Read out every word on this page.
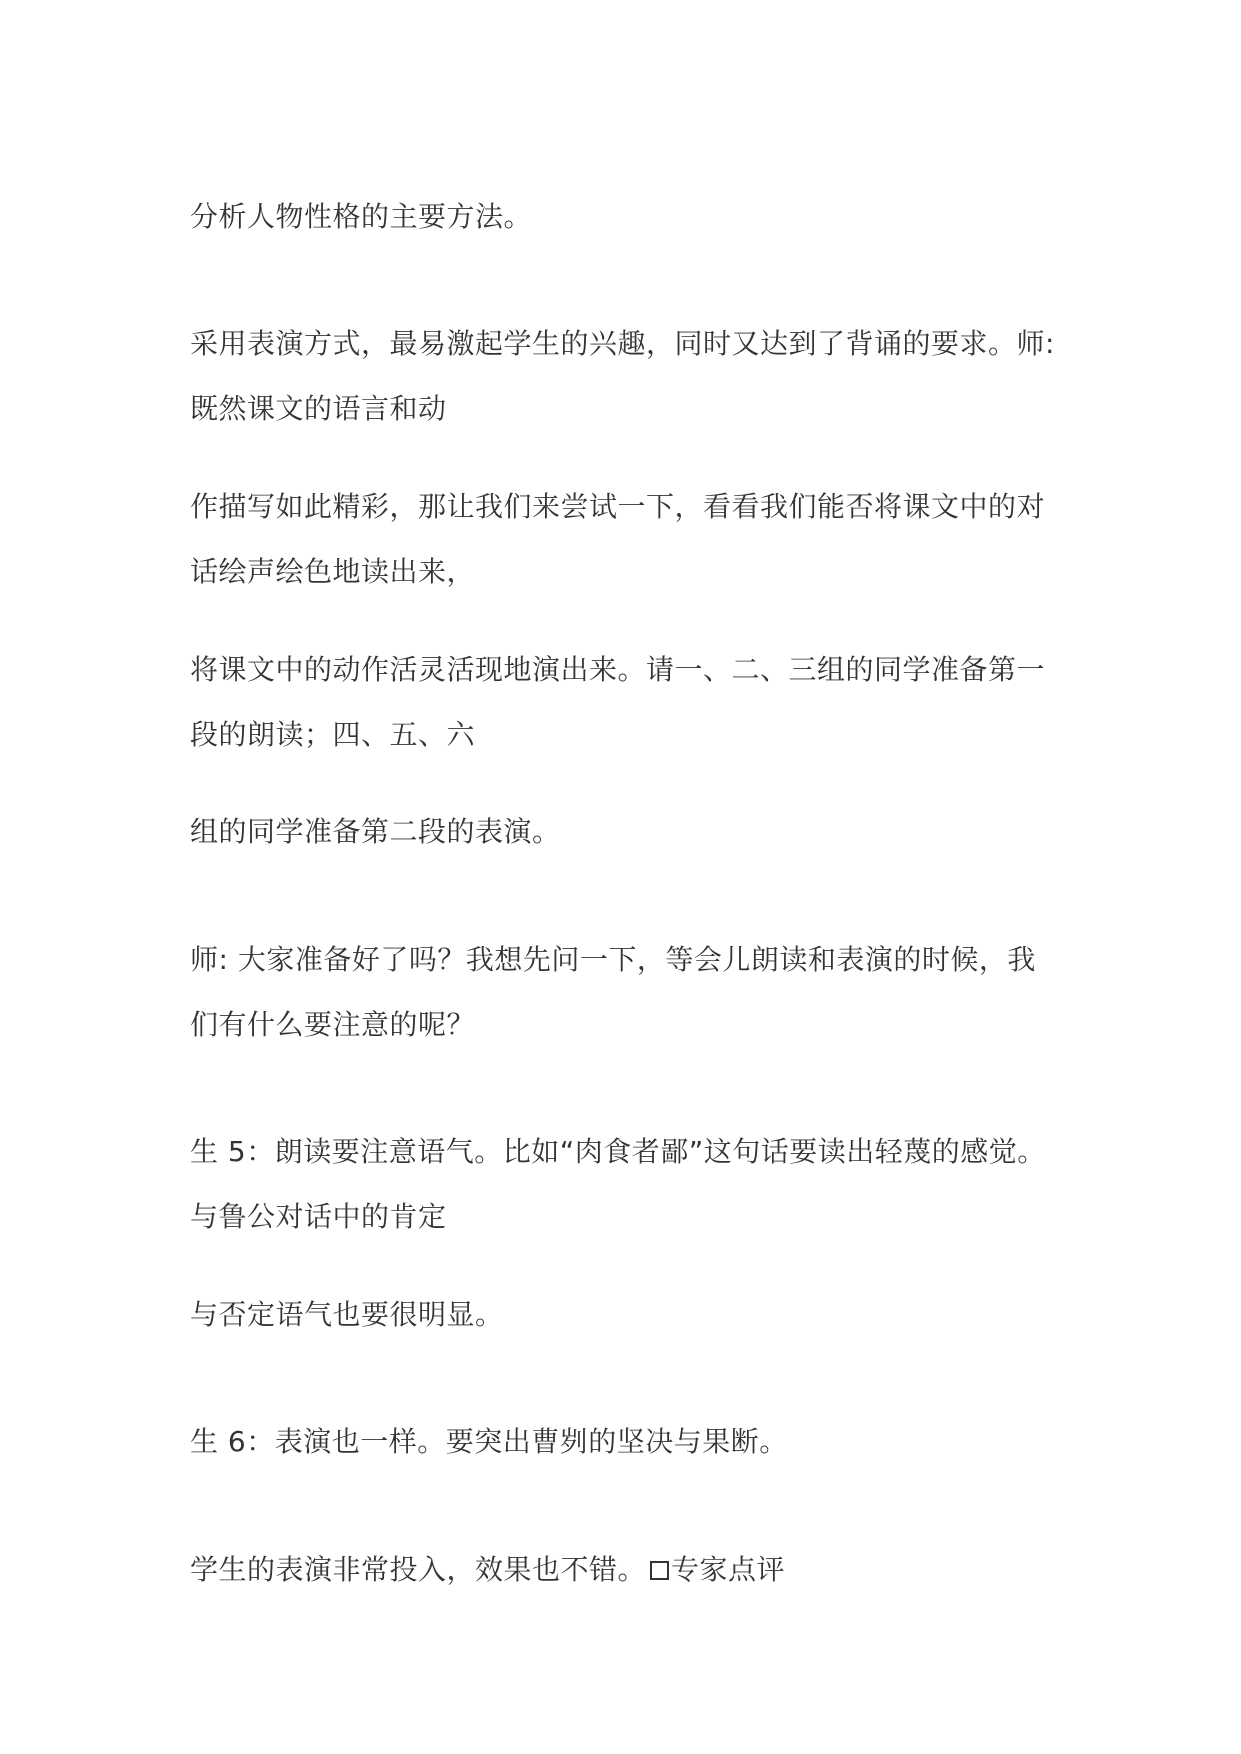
分析人物性格的主要方法。
采用表演方式，最易激起学生的兴趣，同时又达到了背诵的要求。师:
既然课文的语言和动
作描写如此精彩，那让我们来尝试一下，看看我们能否将课文中的对
话绘声绘色地读出来，
将课文中的动作活灵活现地演出来。请一、二、三组的同学准备第一
段的朗读；四、五、六
组的同学准备第二段的表演。
师: 大家准备好了吗？我想先问一下，等会儿朗读和表演的时候，我
们有什么要注意的呢？
生 5：朗读要注意语气。比如“肉食者鄙”这句话要读出轻蔑的感觉。
与鲁公对话中的肯定
与否定语气也要很明显。
生 6：表演也一样。要突出曹刿的坚决与果断。
学生的表演非常投入，效果也不错。 专家点评
